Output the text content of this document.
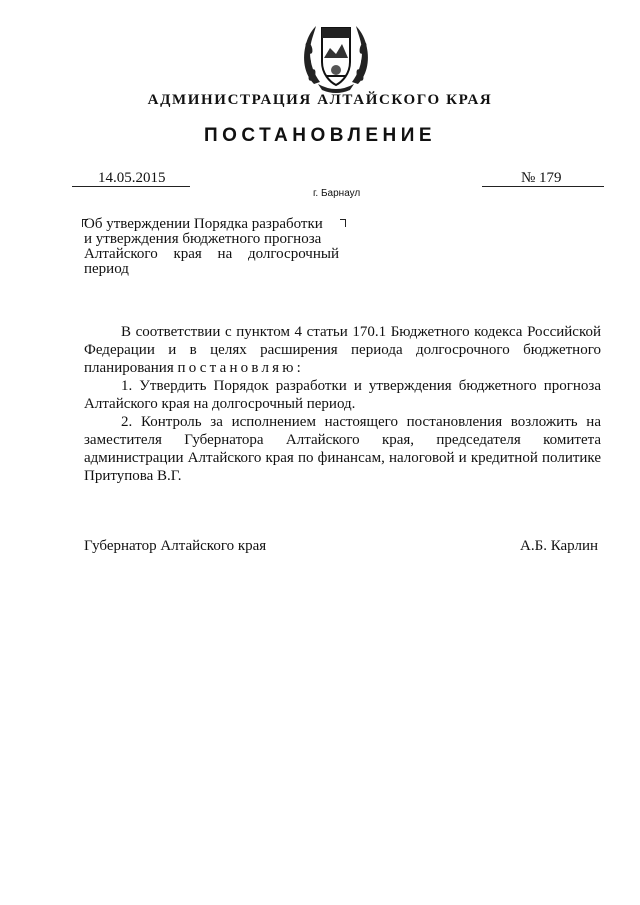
АДМИНИСТРАЦИЯ АЛТАЙСКОГО КРАЯ
ПОСТАНОВЛЕНИЕ
14.05.2015	№ 179
г. Барнаул
Об утверждении Порядка разработки
и утверждения бюджетного прогноза
Алтайского края на долгосрочный
период

В соответствии с пунктом 4 статьи 170.1 Бюджетного кодекса Российской Федерации и в целях расширения периода долгосрочного бюджетного планирования постановляю:

1. Утвердить Порядок разработки и утверждения бюджетного прогноза Алтайского края на долгосрочный период.

2. Контроль за исполнением настоящего постановления возложить на заместителя Губернатора Алтайского края, председателя комитета администрации Алтайского края по финансам, налоговой и кредитной политике Притупова В.Г.

Губернатор Алтайского края	А.Б. Карлин
